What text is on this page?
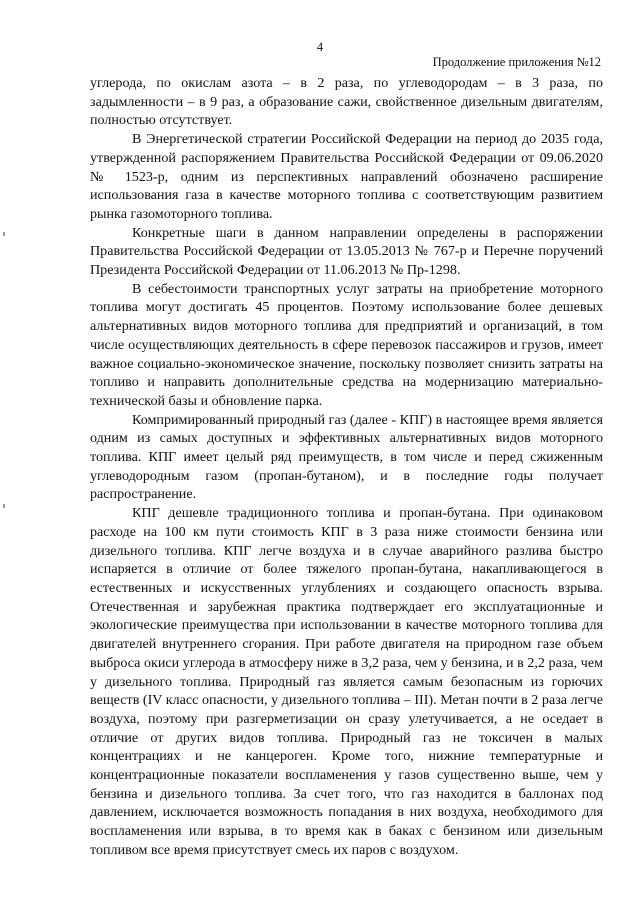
4
Продолжение приложения №12

углерода, по окислам азота – в 2 раза, по углеводородам – в 3 раза, по задымленности – в 9 раз, а образование сажи, свойственное дизельным двигателям, полностью отсутствует.

В Энергетической стратегии Российской Федерации на период до 2035 года, утвержденной распоряжением Правительства Российской Федерации от 09.06.2020 № 1523-р, одним из перспективных направлений обозначено расширение использования газа в качестве моторного топлива с соответствующим развитием рынка газомоторного топлива.

Конкретные шаги в данном направлении определены в распоряжении Правительства Российской Федерации от 13.05.2013 № 767-р и Перечне поручений Президента Российской Федерации от 11.06.2013 № Пр-1298.

В себестоимости транспортных услуг затраты на приобретение моторного топлива могут достигать 45 процентов. Поэтому использование более дешевых альтернативных видов моторного топлива для предприятий и организаций, в том числе осуществляющих деятельность в сфере перевозок пассажиров и грузов, имеет важное социально-экономическое значение, поскольку позволяет снизить затраты на топливо и направить дополнительные средства на модернизацию материально-технической базы и обновление парка.

Компримированный природный газ (далее - КПГ) в настоящее время является одним из самых доступных и эффективных альтернативных видов моторного топлива. КПГ имеет целый ряд преимуществ, в том числе и перед сжиженным углеводородным газом (пропан-бутаном), и в последние годы получает распространение.

КПГ дешевле традиционного топлива и пропан-бутана. При одинаковом расходе на 100 км пути стоимость КПГ в 3 раза ниже стоимости бензина или дизельного топлива. КПГ легче воздуха и в случае аварийного разлива быстро испаряется в отличие от более тяжелого пропан-бутана, накапливающегося в естественных и искусственных углублениях и создающего опасность взрыва. Отечественная и зарубежная практика подтверждает его эксплуатационные и экологические преимущества при использовании в качестве моторного топлива для двигателей внутреннего сгорания. При работе двигателя на природном газе объем выброса окиси углерода в атмосферу ниже в 3,2 раза, чем у бензина, и в 2,2 раза, чем у дизельного топлива. Природный газ является самым безопасным из горючих веществ (IV класс опасности, у дизельного топлива – III). Метан почти в 2 раза легче воздуха, поэтому при разгерметизации он сразу улетучивается, а не оседает в отличие от других видов топлива. Природный газ не токсичен в малых концентрациях и не канцероген. Кроме того, нижние температурные и концентрационные показатели воспламенения у газов существенно выше, чем у бензина и дизельного топлива. За счет того, что газ находится в баллонах под давлением, исключается возможность попадания в них воздуха, необходимого для воспламенения или взрыва, в то время как в баках с бензином или дизельным топливом все время присутствует смесь их паров с воздухом.
